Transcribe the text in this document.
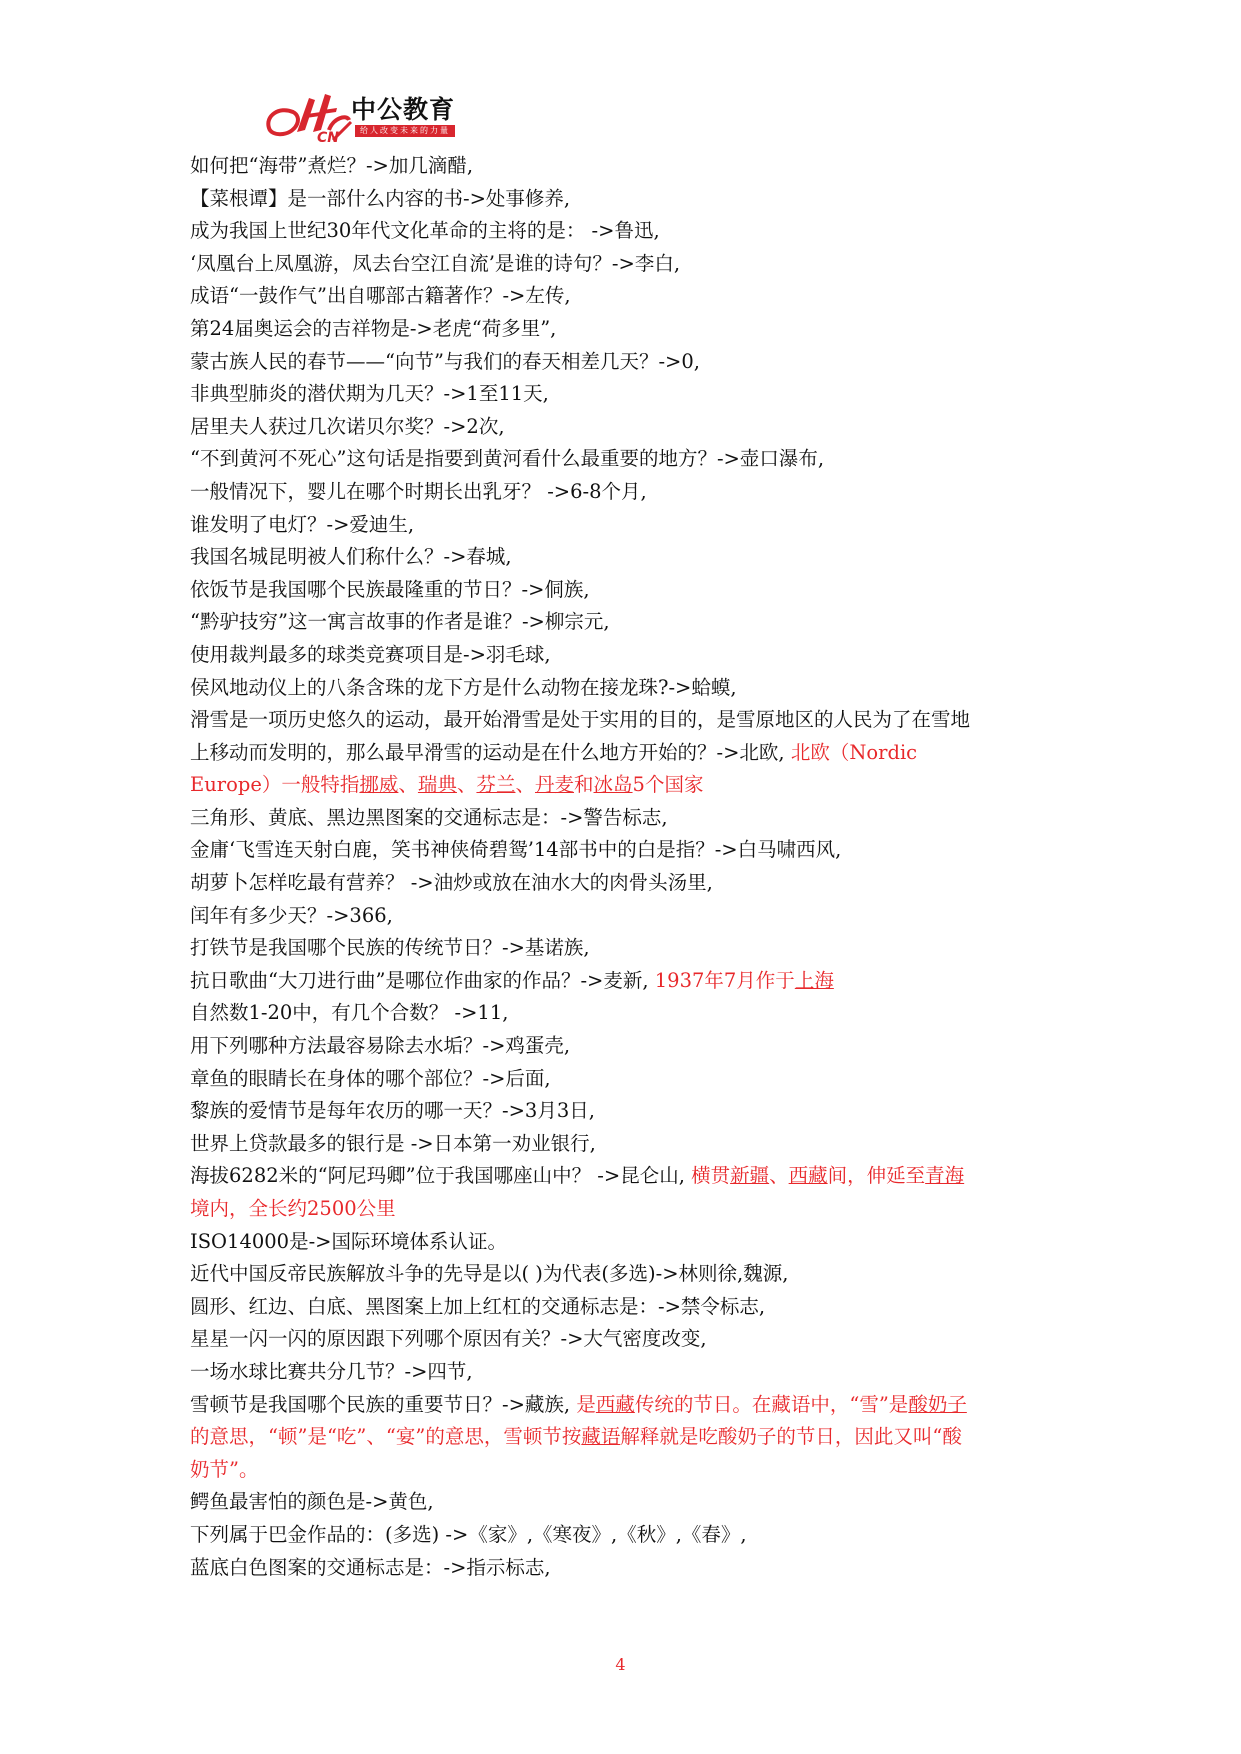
CN
中公教育
给人改变未来的力量
如何把“海带”煮烂？->加几滴醋,
【菜根谭】是一部什么内容的书->处事修养,
成为我国上世纪30年代文化革命的主将的是： ->鲁迅,
‘凤凰台上凤凰游，凤去台空江自流’是谁的诗句？->李白,
成语“一鼓作气”出自哪部古籍著作？->左传,
第24届奥运会的吉祥物是->老虎“荷多里”,
蒙古族人民的春节——“向节”与我们的春天相差几天？->0,
非典型肺炎的潜伏期为几天？->1至11天,
居里夫人获过几次诺贝尔奖？->2次,
“不到黄河不死心”这句话是指要到黄河看什么最重要的地方？->壶口瀑布,
一般情况下，婴儿在哪个时期长出乳牙？ ->6-8个月,
谁发明了电灯？->爱迪生,
我国名城昆明被人们称什么？->春城,
依饭节是我国哪个民族最隆重的节日？->侗族,
“黔驴技穷”这一寓言故事的作者是谁？->柳宗元,
使用裁判最多的球类竞赛项目是->羽毛球,
侯风地动仪上的八条含珠的龙下方是什么动物在接龙珠?->蛤蟆,
滑雪是一项历史悠久的运动，最开始滑雪是处于实用的目的，是雪原地区的人民为了在雪地
上移动而发明的，那么最早滑雪的运动是在什么地方开始的？->北欧, 北欧（Nordic
Europe）一般特指挪威、瑞典、芬兰、丹麦和冰岛5个国家
三角形、黄底、黑边黑图案的交通标志是：->警告标志,
金庸‘飞雪连天射白鹿，笑书神侠倚碧鸳’14部书中的白是指？->白马啸西风,
胡萝卜怎样吃最有营养？ ->油炒或放在油水大的肉骨头汤里,
闰年有多少天？->366,
打铁节是我国哪个民族的传统节日？->基诺族,
抗日歌曲“大刀进行曲”是哪位作曲家的作品？->麦新, 1937年7月作于上海
自然数1-20中，有几个合数？ ->11,
用下列哪种方法最容易除去水垢？->鸡蛋壳,
章鱼的眼睛长在身体的哪个部位？->后面,
黎族的爱情节是每年农历的哪一天？->3月3日,
世界上贷款最多的银行是 ->日本第一劝业银行,
海拔6282米的“阿尼玛卿”位于我国哪座山中？ ->昆仑山, 横贯新疆、西藏间，伸延至青海
境内，全长约2500公里
ISO14000是->国际环境体系认证。
近代中国反帝民族解放斗争的先导是以( )为代表(多选)->林则徐,魏源,
圆形、红边、白底、黑图案上加上红杠的交通标志是：->禁令标志,
星星一闪一闪的原因跟下列哪个原因有关？->大气密度改变,
一场水球比赛共分几节？->四节,
雪顿节是我国哪个民族的重要节日？->藏族, 是西藏传统的节日。在藏语中，“雪”是酸奶子
的意思，“顿”是“吃”、“宴”的意思，雪顿节按藏语解释就是吃酸奶子的节日，因此又叫“酸
奶节”。
鳄鱼最害怕的颜色是->黄色,
下列属于巴金作品的：(多选) ->《家》,《寒夜》,《秋》,《春》,
蓝底白色图案的交通标志是：->指示标志,
4
